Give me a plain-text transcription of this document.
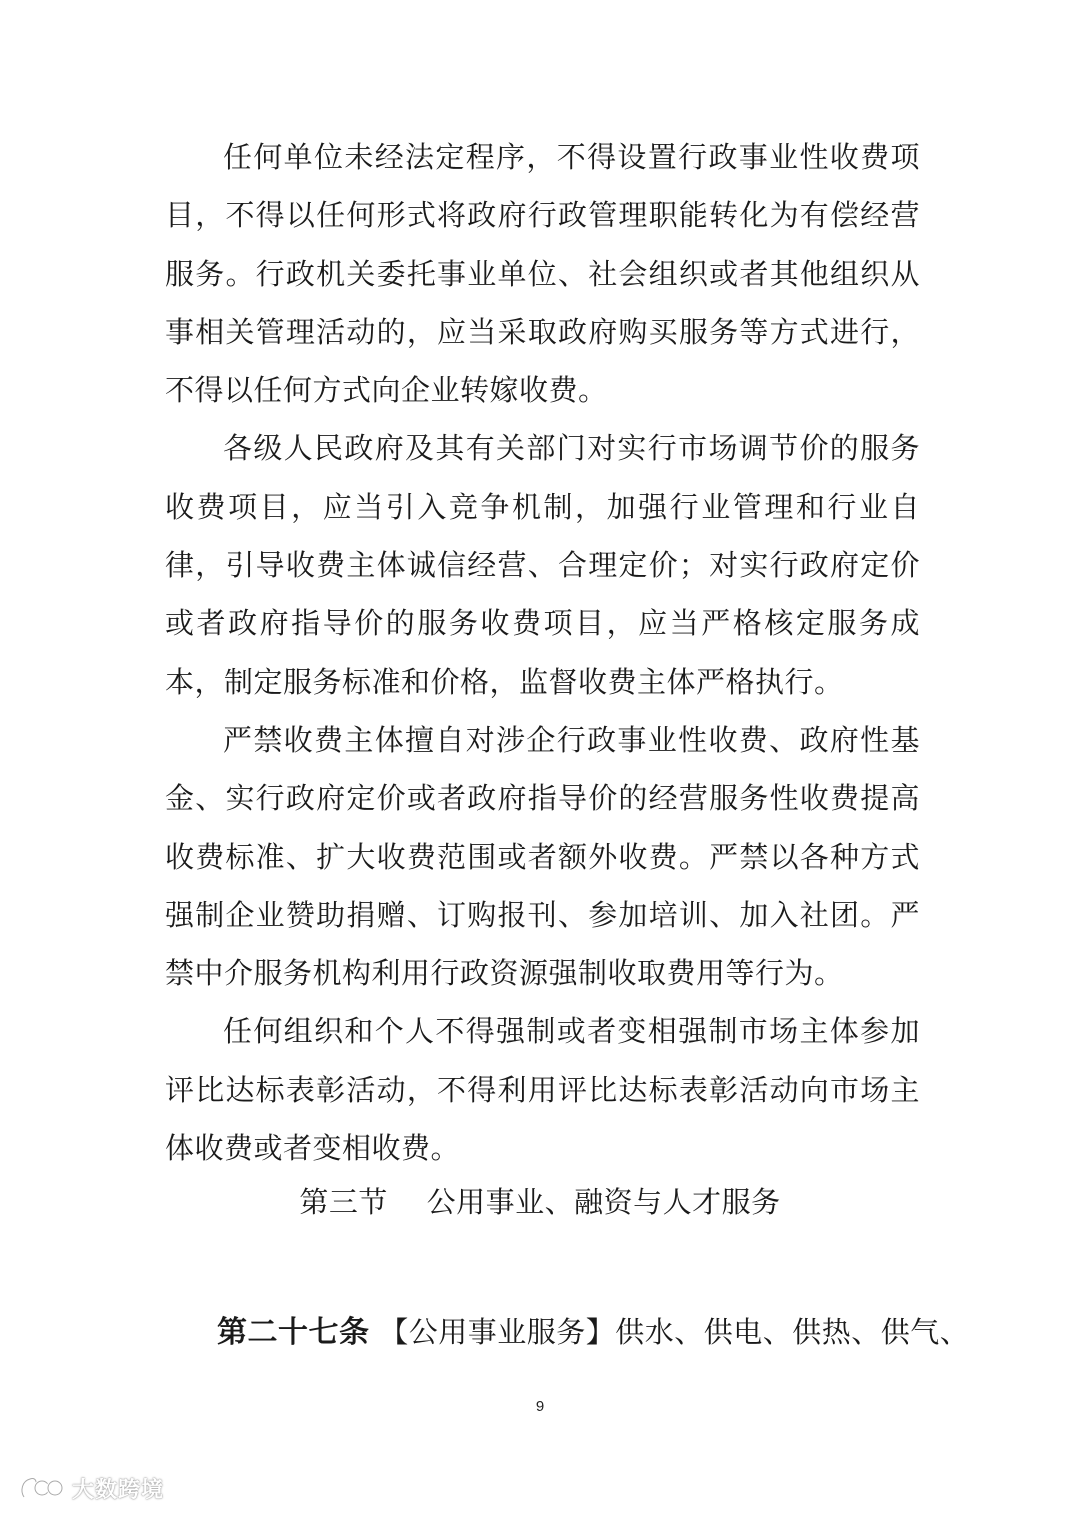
任何单位未经法定程序，不得设置行政事业性收费项目，不得以任何形式将政府行政管理职能转化为有偿经营服务。行政机关委托事业单位、社会组织或者其他组织从事相关管理活动的，应当采取政府购买服务等方式进行，不得以任何方式向企业转嫁收费。

各级人民政府及其有关部门对实行市场调节价的服务收费项目，应当引入竞争机制，加强行业管理和行业自律，引导收费主体诚信经营、合理定价；对实行政府定价或者政府指导价的服务收费项目，应当严格核定服务成本，制定服务标准和价格，监督收费主体严格执行。

严禁收费主体擅自对涉企行政事业性收费、政府性基金、实行政府定价或者政府指导价的经营服务性收费提高收费标准、扩大收费范围或者额外收费。严禁以各种方式强制企业赞助捐赠、订购报刊、参加培训、加入社团。严禁中介服务机构利用行政资源强制收取费用等行为。

任何组织和个人不得强制或者变相强制市场主体参加评比达标表彰活动，不得利用评比达标表彰活动向市场主体收费或者变相收费。

第三节    公用事业、融资与人才服务
第二十七条 【公用事业服务】供水、供电、供热、供气、
9
大数跨境
